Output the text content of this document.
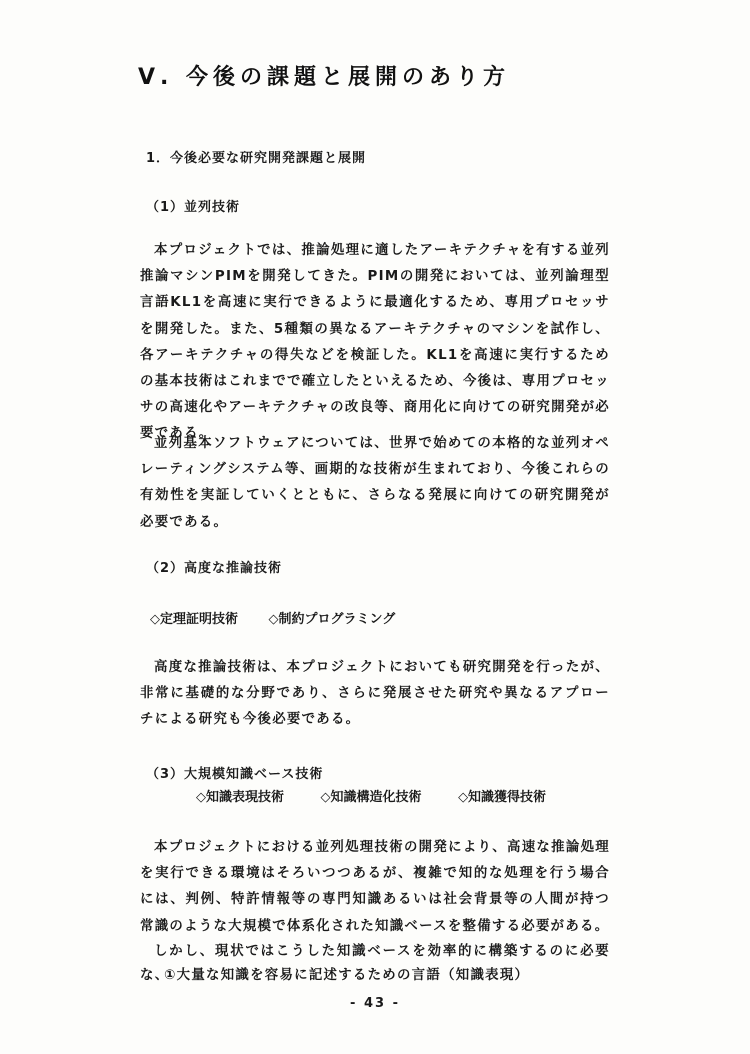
Ⅴ. 今後の課題と展開のあり方
1．今後必要な研究開発課題と展開
（1）並列技術

本プロジェクトでは、推論処理に適したアーキテクチャを有する並列推論マシンPIMを開発してきた。PIMの開発においては、並列論理型言語KL1を高速に実行できるように最適化するため、専用プロセッサを開発した。また、5種類の異なるアーキテクチャのマシンを試作し、各アーキテクチャの得失などを検証した。KL1を高速に実行するための基本技術はこれまでで確立したといえるため、今後は、専用プロセッサの高速化やアーキテクチャの改良等、商用化に向けての研究開発が必要である。

並列基本ソフトウェアについては、世界で始めての本格的な並列オペレーティングシステム等、画期的な技術が生まれており、今後これらの有効性を実証していくとともに、さらなる発展に向けての研究開発が必要である。

（2）高度な推論技術
◇定理証明技術 ◇制約プログラミング

高度な推論技術は、本プロジェクトにおいても研究開発を行ったが、非常に基礎的な分野であり、さらに発展させた研究や異なるアプローチによる研究も今後必要である。

（3）大規模知識ベース技術
◇知識表現技術	◇知識構造化技術	◇知識獲得技術

本プロジェクトにおける並列処理技術の開発により、高速な推論処理を実行できる環境はそろいつつあるが、複雑で知的な処理を行う場合には、判例、特許情報等の専門知識あるいは社会背景等の人間が持つ常識のような大規模で体系化された知識ベースを整備する必要がある。

しかし、現状ではこうした知識ベースを効率的に構築するのに必要な、

①大量な知識を容易に記述するための言語（知識表現）

- 43 -
